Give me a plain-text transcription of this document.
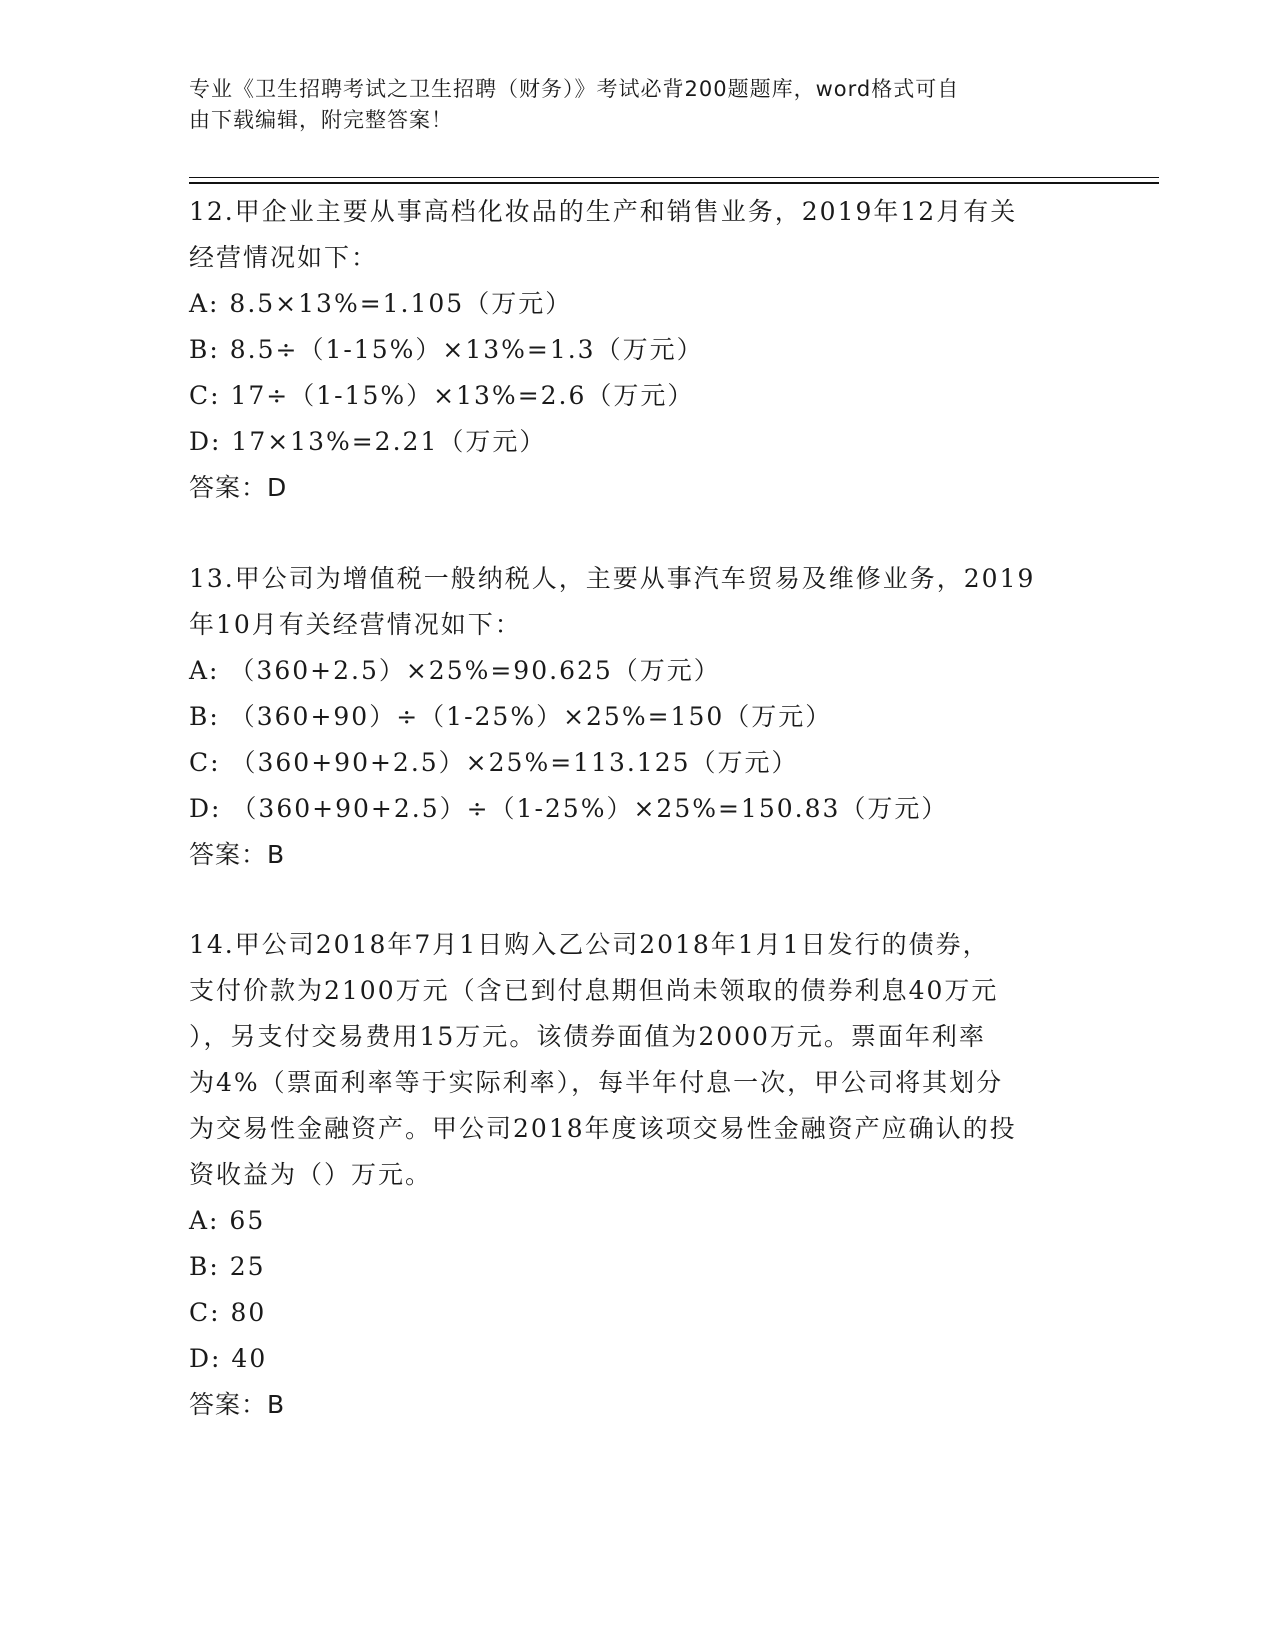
专业《卫生招聘考试之卫生招聘（财务）》考试必背200题题库，word格式可自
由下载编辑，附完整答案！
12.甲企业主要从事高档化妆品的生产和销售业务，2019年12月有关
经营情况如下：
A: 8.5×13%=1.105（万元）
B: 8.5÷（1-15%）×13%=1.3（万元）
C: 17÷（1-15%）×13%=2.6（万元）
D: 17×13%=2.21（万元）
答案：D
13.甲公司为增值税一般纳税人，主要从事汽车贸易及维修业务，2019
年10月有关经营情况如下：
A: （360+2.5）×25%=90.625（万元）
B: （360+90）÷（1-25%）×25%=150（万元）
C: （360+90+2.5）×25%=113.125（万元）
D: （360+90+2.5）÷（1-25%）×25%=150.83（万元）
答案：B
14.甲公司2018年7月1日购入乙公司2018年1月1日发行的债券，
支付价款为2100万元（含已到付息期但尚未领取的债券利息40万元
），另支付交易费用15万元。该债券面值为2000万元。票面年利率
为4%（票面利率等于实际利率），每半年付息一次，甲公司将其划分
为交易性金融资产。甲公司2018年度该项交易性金融资产应确认的投
资收益为（）万元。
A: 65
B: 25
C: 80
D: 40
答案：B
